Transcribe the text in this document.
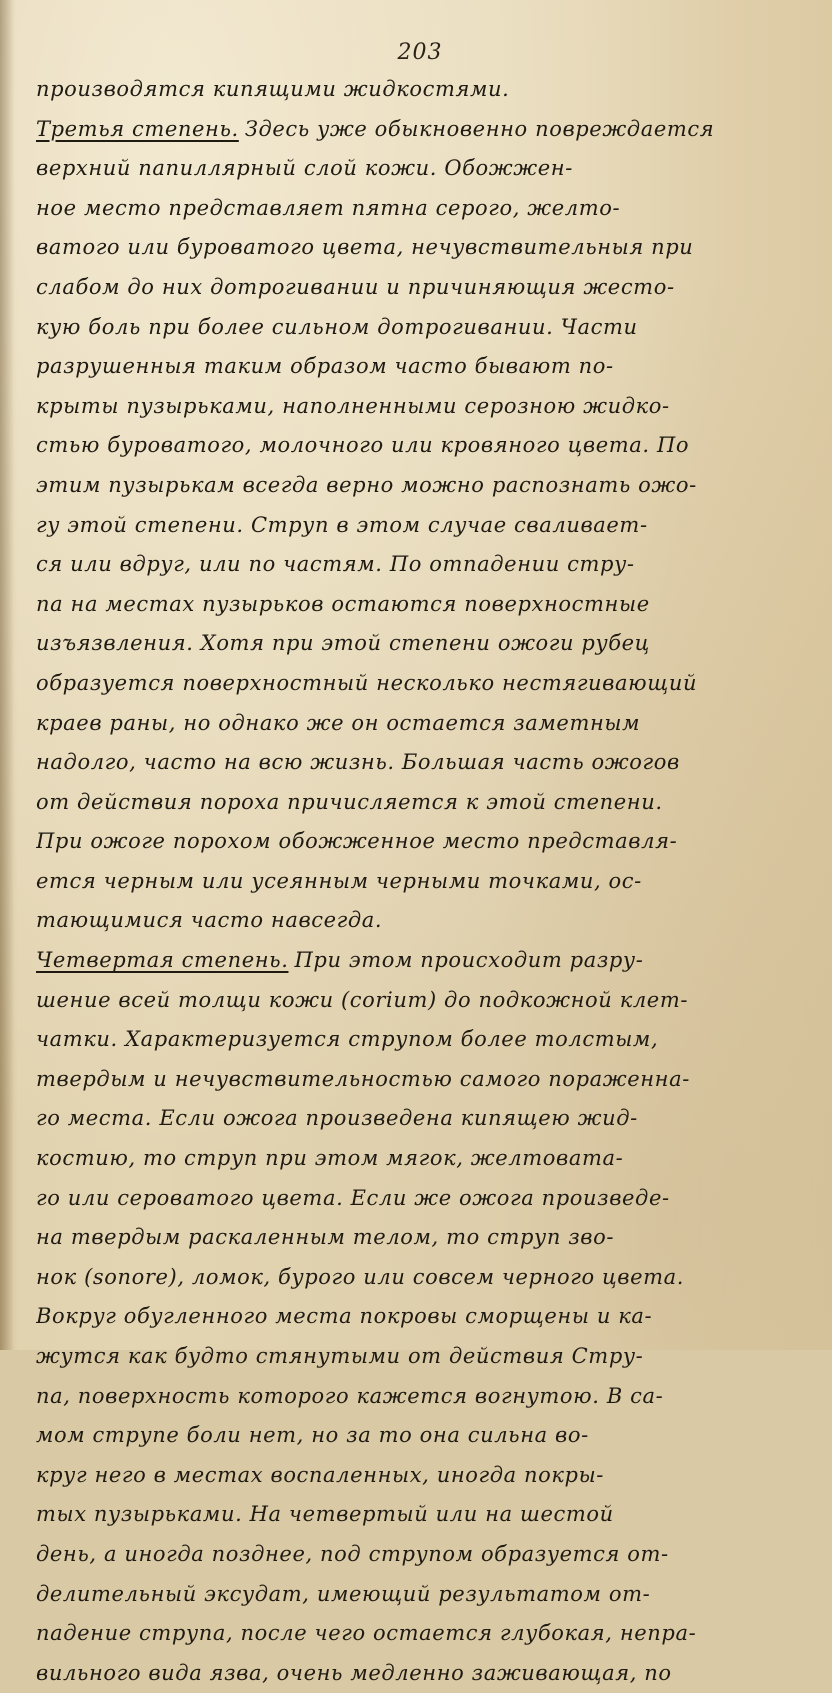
203
производятся кипящими жидкостями.
Третья степень. Здесь уже обыкновенно повреждается
верхний папиллярный слой кожи. Обожжен-
ное место представляет пятна серого, желто-
ватого или буроватого цвета, нечувствительныя при
слабом до них дотрогивании и причиняющия жесто-
кую боль при более сильном дотрогивании. Части
разрушенныя таким образом часто бывают по-
крыты пузырьками, наполненными серозною жидко-
стью буроватого, молочного или кровяного цвета. По
этим пузырькам всегда верно можно распознать ожо-
гу этой степени. Струп в этом случае сваливает-
ся или вдруг, или по частям. По отпадении стру-
па на местах пузырьков остаются поверхностные
изъязвления. Хотя при этой степени ожоги рубец
образуется поверхностный несколько нестягивающий
краев раны, но однако же он остается заметным
надолго, часто на всю жизнь. Большая часть ожогов
от действия пороха причисляется к этой степени.
При ожоге порохом обожженное место представля-
ется черным или усеянным черными точками, ос-
тающимися часто навсегда.
Четвертая степень. При этом происходит разру-
шение всей толщи кожи (corium) до подкожной клет-
чатки. Характеризуется струпом более толстым,
твердым и нечувствительностью самого пораженна-
го места. Если ожога произведена кипящею жид-
костию, то струп при этом мягок, желтовата-
го или сероватого цвета. Если же ожога произведе-
на твердым раскаленным телом, то струп зво-
нок (sonore), ломок, бурого или совсем черного цвета.
Вокруг обугленного места покровы сморщены и ка-
жутся как будто стянутыми от действия Стру-
па, поверхность которого кажется вогнутою. В са-
мом струпе боли нет, но за то она сильна во-
круг него в местах воспаленных, иногда покры-
тых пузырьками. На четвертый или на шестой
день, а иногда позднее, под струпом образуется от-
делительный эксудат, имеющий результатом от-
падение струпа, после чего остается глубокая, непра-
вильного вида язва, очень медленно заживающая, по
